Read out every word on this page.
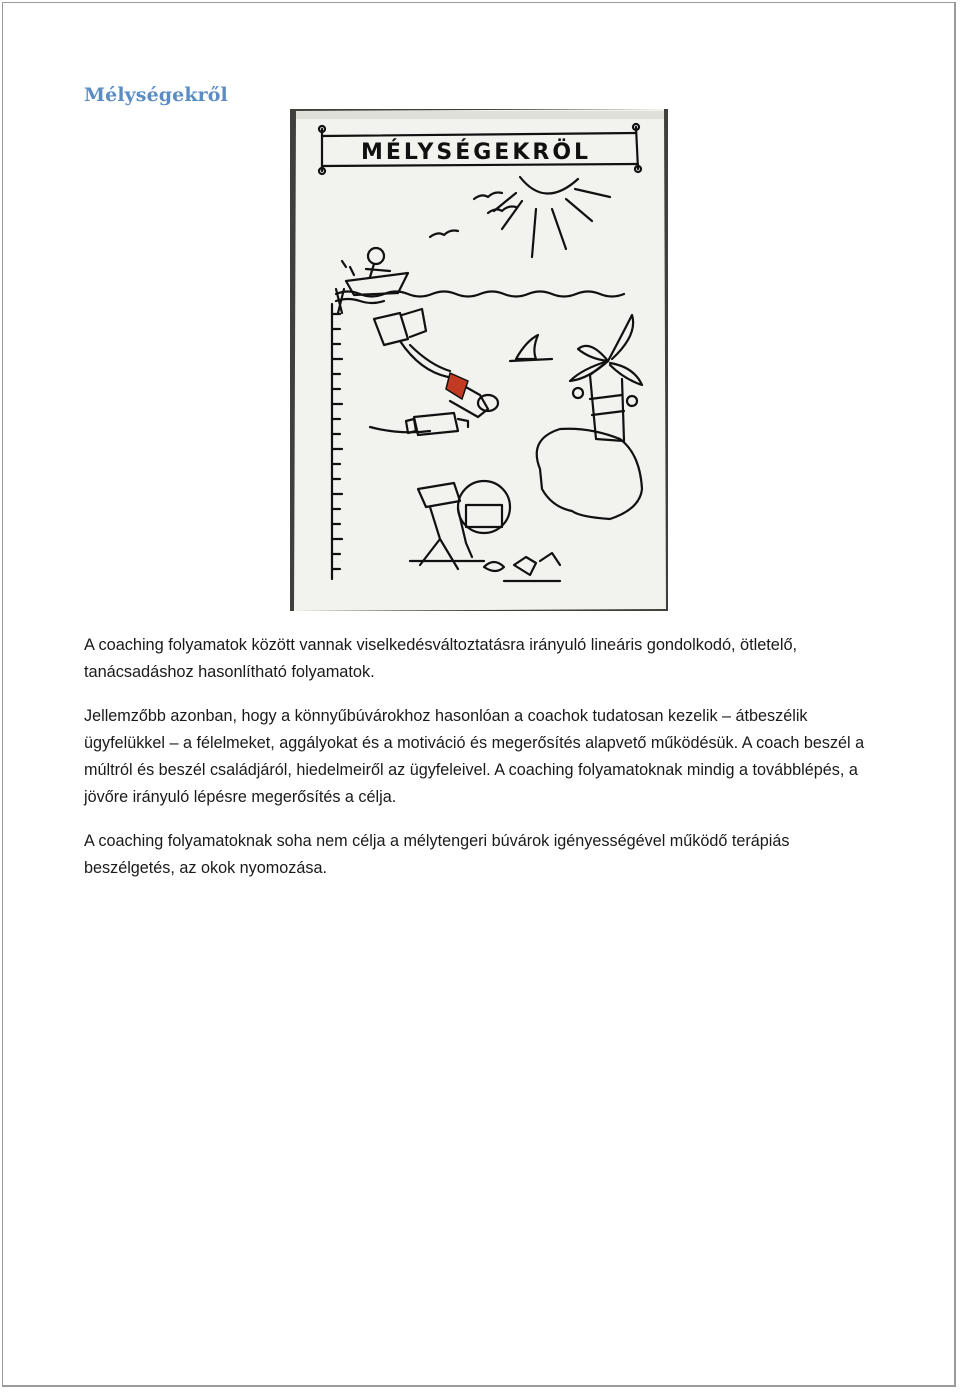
Mélységekről
MÉLYSÉGEKRÖL

A coaching folyamatok között vannak viselkedésváltoztatásra irányuló lineáris gondolkodó, ötletelő, tanácsadáshoz hasonlítható folyamatok.

Jellemzőbb azonban, hogy a könnyűbúvárokhoz hasonlóan a coachok tudatosan kezelik – átbeszélik ügyfelükkel – a félelmeket, aggályokat és a motiváció és megerősítés alapvető működésük. A coach beszél a múltról és beszél családjáról, hiedelmeiről az ügyfeleivel. A coaching folyamatoknak mindig a továbblépés, a jövőre irányuló lépésre megerősítés a célja.

A coaching folyamatoknak soha nem célja a mélytengeri búvárok igényességével működő terápiás beszélgetés, az okok nyomozása.
